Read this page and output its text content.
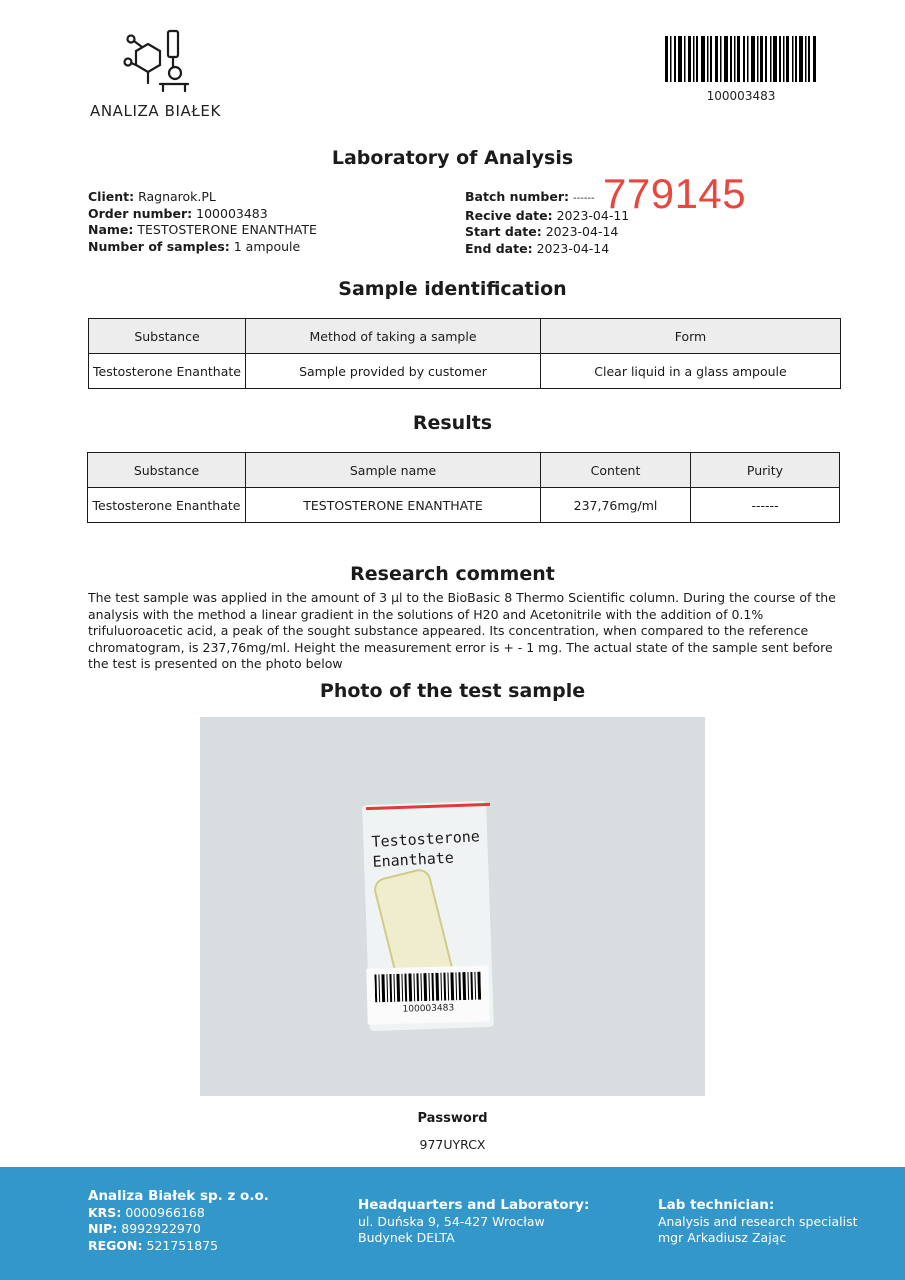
ANALIZA BIAŁEK
100003483
Laboratory of Analysis
Client: Ragnarok.PL
Order number: 100003483
Name: TESTOSTERONE ENANTHATE
Number of samples: 1 ampoule
Batch number: ------
Recive date: 2023-04-11
Start date: 2023-04-14
End date: 2023-04-14
779145
Sample identification
Substance	Method of taking a sample	Form
Testosterone Enanthate	Sample provided by customer	Clear liquid in a glass ampoule
Results
Substance	Sample name	Content	Purity
Testosterone Enanthate	TESTOSTERONE ENANTHATE	237,76mg/ml	------
Research comment
The test sample was applied in the amount of 3 µl to the BioBasic 8 Thermo Scientific column. During the course of the analysis with the method a linear gradient in the solutions of H20 and Acetonitrile with the addition of 0.1% trifuluoroacetic acid, a peak of the sought substance appeared. Its concentration, when compared to the reference chromatogram, is 237,76mg/ml. Height the measurement error is + - 1 mg. The actual state of the sample sent before the test is presented on the photo below
Photo of the test sample
Testosterone
Enanthate
100003483
Password
977UYRCX
Analiza Białek sp. z o.o.
KRS: 0000966168
NIP: 8992922970
REGON: 521751875
Headquarters and Laboratory:
ul. Duńska 9, 54-427 Wrocław
Budynek DELTA
Lab technician:
Analysis and research specialist
mgr Arkadiusz Zając
